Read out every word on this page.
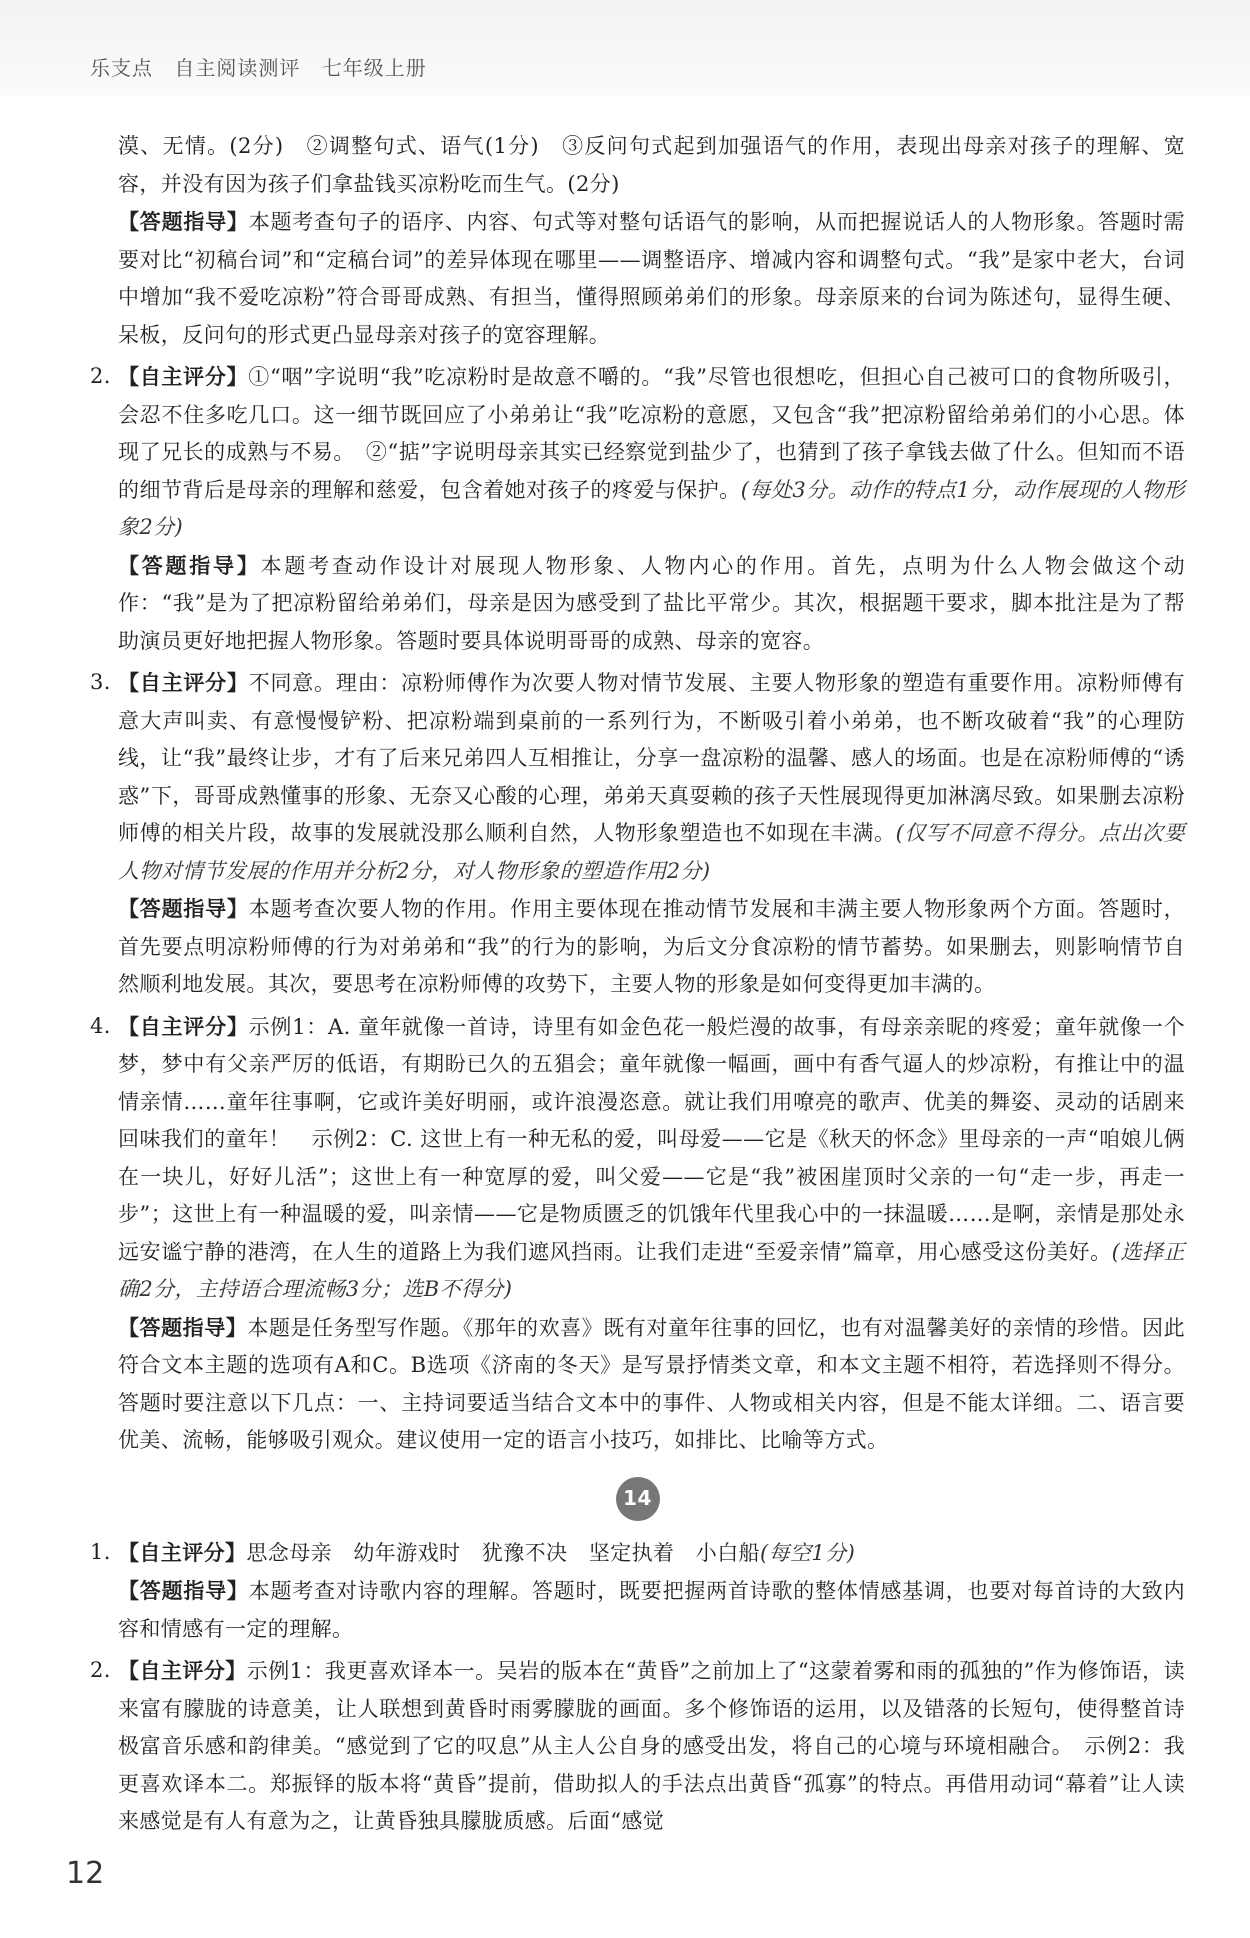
乐支点 自主阅读测评 七年级上册

漠、无情。(2分)　②调整句式、语气(1分)　③反问句式起到加强语气的作用，表现出母亲对孩子的理解、宽容，并没有因为孩子们拿盐钱买凉粉吃而生气。(2分)

【答题指导】本题考查句子的语序、内容、句式等对整句话语气的影响，从而把握说话人的人物形象。答题时需要对比“初稿台词”和“定稿台词”的差异体现在哪里——调整语序、增减内容和调整句式。“我”是家中老大，台词中增加“我不爱吃凉粉”符合哥哥成熟、有担当，懂得照顾弟弟们的形象。母亲原来的台词为陈述句，显得生硬、呆板，反问句的形式更凸显母亲对孩子的宽容理解。

2. 【自主评分】①“咽”字说明“我”吃凉粉时是故意不嚼的。“我”尽管也很想吃，但担心自己被可口的食物所吸引，会忍不住多吃几口。这一细节既回应了小弟弟让“我”吃凉粉的意愿，又包含“我”把凉粉留给弟弟们的小心思。体现了兄长的成熟与不易。　②“掂”字说明母亲其实已经察觉到盐少了，也猜到了孩子拿钱去做了什么。但知而不语的细节背后是母亲的理解和慈爱，包含着她对孩子的疼爱与保护。(每处3分。动作的特点1分，动作展现的人物形象2分)

【答题指导】本题考查动作设计对展现人物形象、人物内心的作用。首先，点明为什么人物会做这个动作：“我”是为了把凉粉留给弟弟们，母亲是因为感受到了盐比平常少。其次，根据题干要求，脚本批注是为了帮助演员更好地把握人物形象。答题时要具体说明哥哥的成熟、母亲的宽容。

3. 【自主评分】不同意。理由：凉粉师傅作为次要人物对情节发展、主要人物形象的塑造有重要作用。凉粉师傅有意大声叫卖、有意慢慢铲粉、把凉粉端到桌前的一系列行为，不断吸引着小弟弟，也不断攻破着“我”的心理防线，让“我”最终让步，才有了后来兄弟四人互相推让，分享一盘凉粉的温馨、感人的场面。也是在凉粉师傅的“诱惑”下，哥哥成熟懂事的形象、无奈又心酸的心理，弟弟天真耍赖的孩子天性展现得更加淋漓尽致。如果删去凉粉师傅的相关片段，故事的发展就没那么顺利自然，人物形象塑造也不如现在丰满。(仅写不同意不得分。点出次要人物对情节发展的作用并分析2分，对人物形象的塑造作用2分)

【答题指导】本题考查次要人物的作用。作用主要体现在推动情节发展和丰满主要人物形象两个方面。答题时，首先要点明凉粉师傅的行为对弟弟和“我”的行为的影响，为后文分食凉粉的情节蓄势。如果删去，则影响情节自然顺利地发展。其次，要思考在凉粉师傅的攻势下，主要人物的形象是如何变得更加丰满的。

4. 【自主评分】示例1：A. 童年就像一首诗，诗里有如金色花一般烂漫的故事，有母亲亲昵的疼爱；童年就像一个梦，梦中有父亲严厉的低语，有期盼已久的五猖会；童年就像一幅画，画中有香气逼人的炒凉粉，有推让中的温情亲情……童年往事啊，它或许美好明丽，或许浪漫恣意。就让我们用嘹亮的歌声、优美的舞姿、灵动的话剧来回味我们的童年！　示例2：C. 这世上有一种无私的爱，叫母爱——它是《秋天的怀念》里母亲的一声“咱娘儿俩在一块儿，好好儿活”；这世上有一种宽厚的爱，叫父爱——它是“我”被困崖顶时父亲的一句“走一步，再走一步”；这世上有一种温暖的爱，叫亲情——它是物质匮乏的饥饿年代里我心中的一抹温暖……是啊，亲情是那处永远安谧宁静的港湾，在人生的道路上为我们遮风挡雨。让我们走进“至爱亲情”篇章，用心感受这份美好。(选择正确2分，主持语合理流畅3分；选B不得分)

【答题指导】本题是任务型写作题。《那年的欢喜》既有对童年往事的回忆，也有对温馨美好的亲情的珍惜。因此符合文本主题的选项有A和C。B选项《济南的冬天》是写景抒情类文章，和本文主题不相符，若选择则不得分。答题时要注意以下几点：一、主持词要适当结合文本中的事件、人物或相关内容，但是不能太详细。二、语言要优美、流畅，能够吸引观众。建议使用一定的语言小技巧，如排比、比喻等方式。

14
1. 【自主评分】思念母亲　幼年游戏时　犹豫不决　坚定执着　小白船(每空1分)

【答题指导】本题考查对诗歌内容的理解。答题时，既要把握两首诗歌的整体情感基调，也要对每首诗的大致内容和情感有一定的理解。

2. 【自主评分】示例1：我更喜欢译本一。吴岩的版本在“黄昏”之前加上了“这蒙着雾和雨的孤独的”作为修饰语，读来富有朦胧的诗意美，让人联想到黄昏时雨雾朦胧的画面。多个修饰语的运用，以及错落的长短句，使得整首诗极富音乐感和韵律美。“感觉到了它的叹息”从主人公自身的感受出发，将自己的心境与环境相融合。　示例2：我更喜欢译本二。郑振铎的版本将“黄昏”提前，借助拟人的手法点出黄昏“孤寡”的特点。再借用动词“幕着”让人读来感觉是有人有意为之，让黄昏独具朦胧质感。后面“感觉

12
